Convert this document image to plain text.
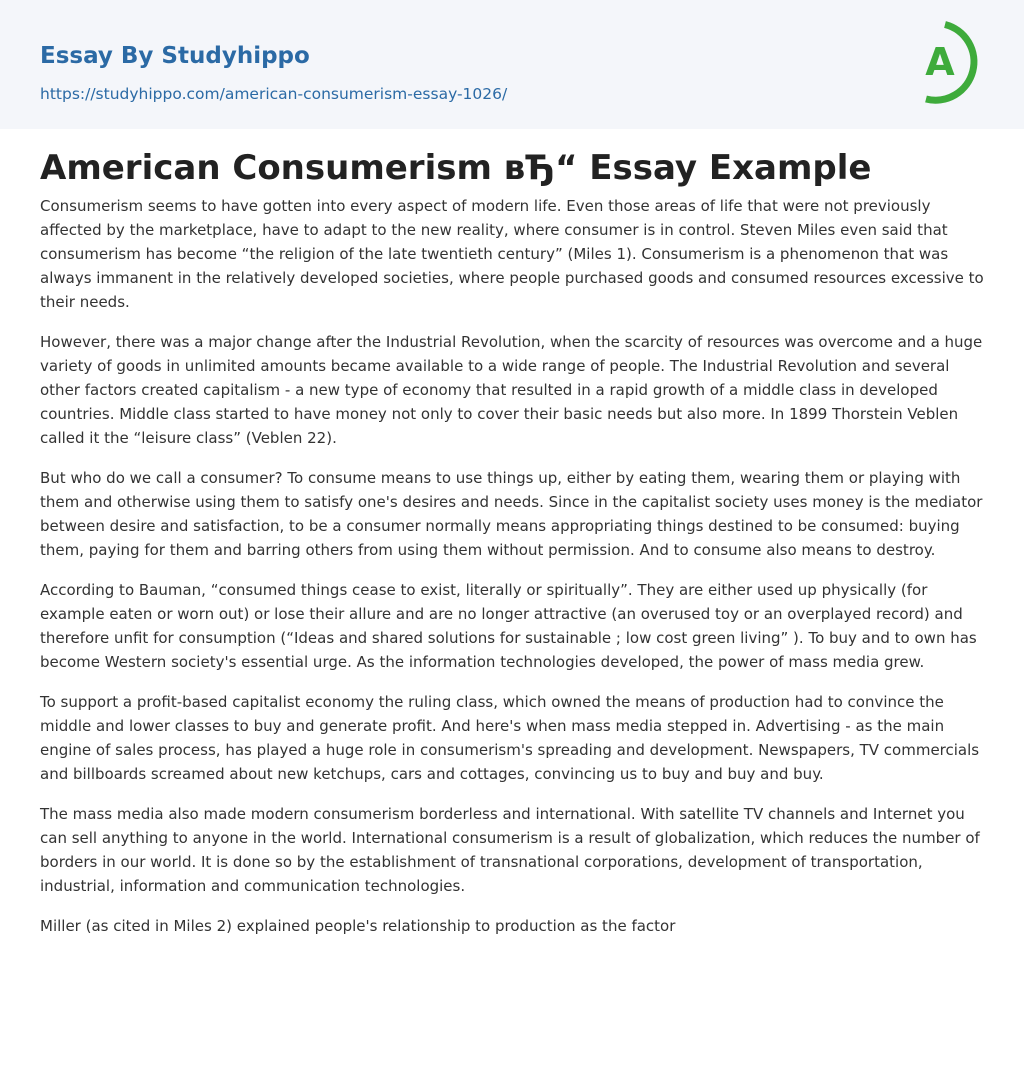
Essay By Studyhippo
https://studyhippo.com/american-consumerism-essay-1026/
A
American Consumerism вЂ“ Essay Example

Consumerism seems to have gotten into every aspect of modern life. Even those areas of life that were not previously affected by the marketplace, have to adapt to the new reality, where consumer is in control. Steven Miles even said that consumerism has become “the religion of the late twentieth century” (Miles 1). Consumerism is a phenomenon that was always immanent in the relatively developed societies, where people purchased goods and consumed resources excessive to their needs.

However, there was a major change after the Industrial Revolution, when the scarcity of resources was overcome and a huge variety of goods in unlimited amounts became available to a wide range of people. The Industrial Revolution and several other factors created capitalism - a new type of economy that resulted in a rapid growth of a middle class in developed countries. Middle class started to have money not only to cover their basic needs but also more. In 1899 Thorstein Veblen called it the “leisure class” (Veblen 22).

But who do we call a consumer? To consume means to use things up, either by eating them, wearing them or playing with them and otherwise using them to satisfy one's desires and needs. Since in the capitalist society uses money is the mediator between desire and satisfaction, to be a consumer normally means appropriating things destined to be consumed: buying them, paying for them and barring others from using them without permission. And to consume also means to destroy.

According to Bauman, “consumed things cease to exist, literally or spiritually”. They are either used up physically (for example eaten or worn out) or lose their allure and are no longer attractive (an overused toy or an overplayed record) and therefore unfit for consumption (“Ideas and shared solutions for sustainable ; low cost green living” ). To buy and to own has become Western society's essential urge. As the information technologies developed, the power of mass media grew.

To support a profit-based capitalist economy the ruling class, which owned the means of production had to convince the middle and lower classes to buy and generate profit. And here's when mass media stepped in. Advertising - as the main engine of sales process, has played a huge role in consumerism's spreading and development. Newspapers, TV commercials and billboards screamed about new ketchups, cars and cottages, convincing us to buy and buy and buy.

The mass media also made modern consumerism borderless and international. With satellite TV channels and Internet you can sell anything to anyone in the world. International consumerism is a result of globalization, which reduces the number of borders in our world. It is done so by the establishment of transnational corporations, development of transportation, industrial, information and communication technologies.

Miller (as cited in Miles 2) explained people's relationship to production as the factor
